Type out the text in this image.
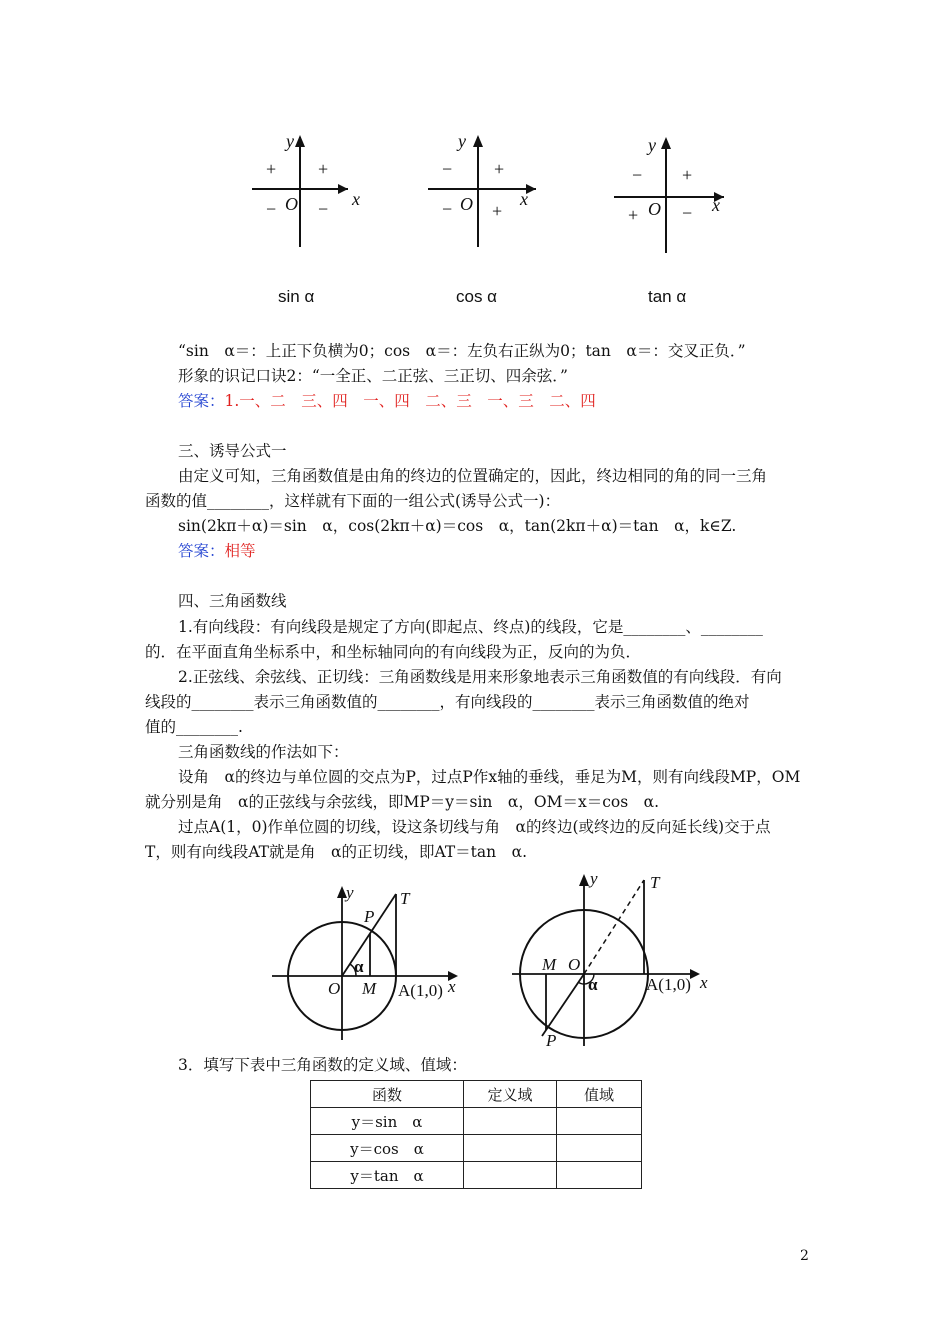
y
x
O
+ +
− −
sin α
y
x
O
− +
− +
cos α
y
x
O
− +
+ −
tan α
“sin　α＝：上正下负横为0；cos　α＝：左负右正纵为0；tan　α＝：交叉正负．”
形象的识记口诀2：“一全正、二正弦、三正切、四余弦．”
答案：1.一、二　三、四　一、四　二、三　一、三　二、四
三、诱导公式一
由定义可知，三角函数值是由角的终边的位置确定的，因此，终边相同的角的同一三角
函数的值________，这样就有下面的一组公式(诱导公式一)：
sin(2kπ＋α)＝sin　α，cos(2kπ＋α)＝cos　α，tan(2kπ＋α)＝tan　α，k∈Z.
答案：相等
四、三角函数线
1.有向线段：有向线段是规定了方向(即起点、终点)的线段，它是________、________
的．在平面直角坐标系中，和坐标轴同向的有向线段为正，反向的为负．
2.正弦线、余弦线、正切线：三角函数线是用来形象地表示三角函数值的有向线段．有向
线段的________表示三角函数值的________，有向线段的________表示三角函数值的绝对
值的________.
三角函数线的作法如下：
设角　α的终边与单位圆的交点为P，过点P作x轴的垂线，垂足为M，则有向线段MP，OM
就分别是角　α的正弦线与余弦线，即MP＝y＝sin　α，OM＝x＝cos　α.
过点A(1，0)作单位圆的切线，设这条切线与角　α的终边(或终边的反向延长线)交于点
T，则有向线段AT就是角　α的正切线，即AT＝tan　α.
y
P
T
α
O M A(1,0) x
y	T
M O
α	A(1,0) x
P
3．填写下表中三角函数的定义域、值域：
函数	定义域	值域
y＝sin　α		
y＝cos　α		
y＝tan　α		
2
